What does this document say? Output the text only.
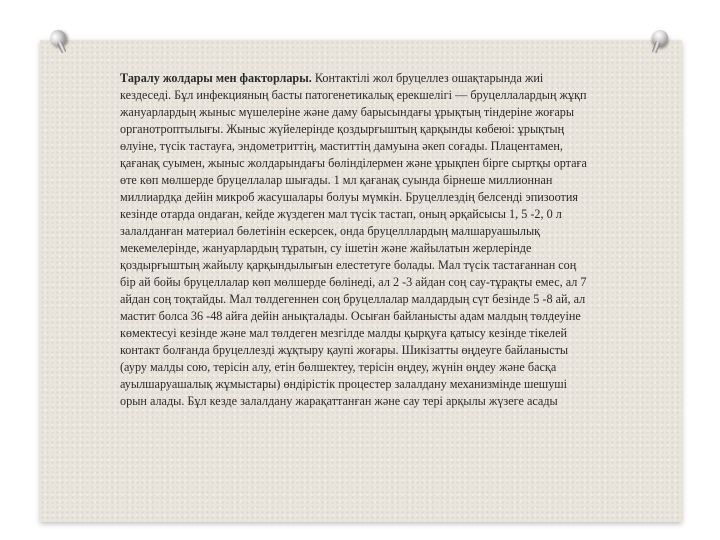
Таралу жолдары мен факторлары. Контактілі жол бруцеллез ошақтарында жиі кездеседі. Бұл инфекцияның басты патогенетикалық ерекшелігі — бруцеллалардың жұқп жануарлардың жыныс мүшелеріне және даму барысындағы ұрықтың тіндеріне жоғары органотроптылығы. Жыныс жүйелерінде қоздырғыштың қарқынды көбеюі: ұрықтың өлуіне, түсік тастауға, эндометриттің, маститтің дамуына әкеп соғады. Плацентамен, қағанақ суымен, жыныс жолдарындағы бөлінділермен және ұрықпен бірге сыртқы ортаға өте көп мөлшерде бруцеллалар шығады. 1 мл қағанақ суында бірнеше миллионнан миллиардқа дейін микроб жасушалары болуы мүмкін. Бруцеллездің белсенді эпизоотия кезінде отарда ондаған, кейде жүздеген мал түсік тастап, оның әрқайсысы 1, 5 -2, 0 л залалданған материал бөлетінін ескерсек, онда бруцелллардың малшаруашылық мекемелерінде, жануарлардың тұратын, су ішетін және жайылатын жерлерінде қоздырғыштың жайылу қарқындылығын елестетуге болады. Мал түсік тастағаннан соң бір ай бойы бруцеллалар көп мөлшерде бөлінеді, ал 2 -3 айдан соң сау-тұрақты емес, ал 7 айдан соң тоқтайды. Мал төлдегеннен соң бруцеллалар малдардың сүт безінде 5 -8 ай, ал мастит болса 36 -48 айға дейін анықталады. Осыған байланысты адам малдың төлдеуіне көмектесуі кезінде және мал төлдеген мезгілде малды қырқуға қатысу кезінде тікелей контакт болғанда бруцеллезді жұқтыру қаупі жоғары. Шикізатты өңдеуге байланысты (ауру малды сою, терісін алу, етін бөлшектеу, терісін өңдеу, жүнін өңдеу және басқа ауылшаруашалық жұмыстары) өндірістік процестер залалдану механизмінде шешуші орын алады. Бұл кезде залалдану жарақаттанған және сау тері арқылы жүзеге асады
